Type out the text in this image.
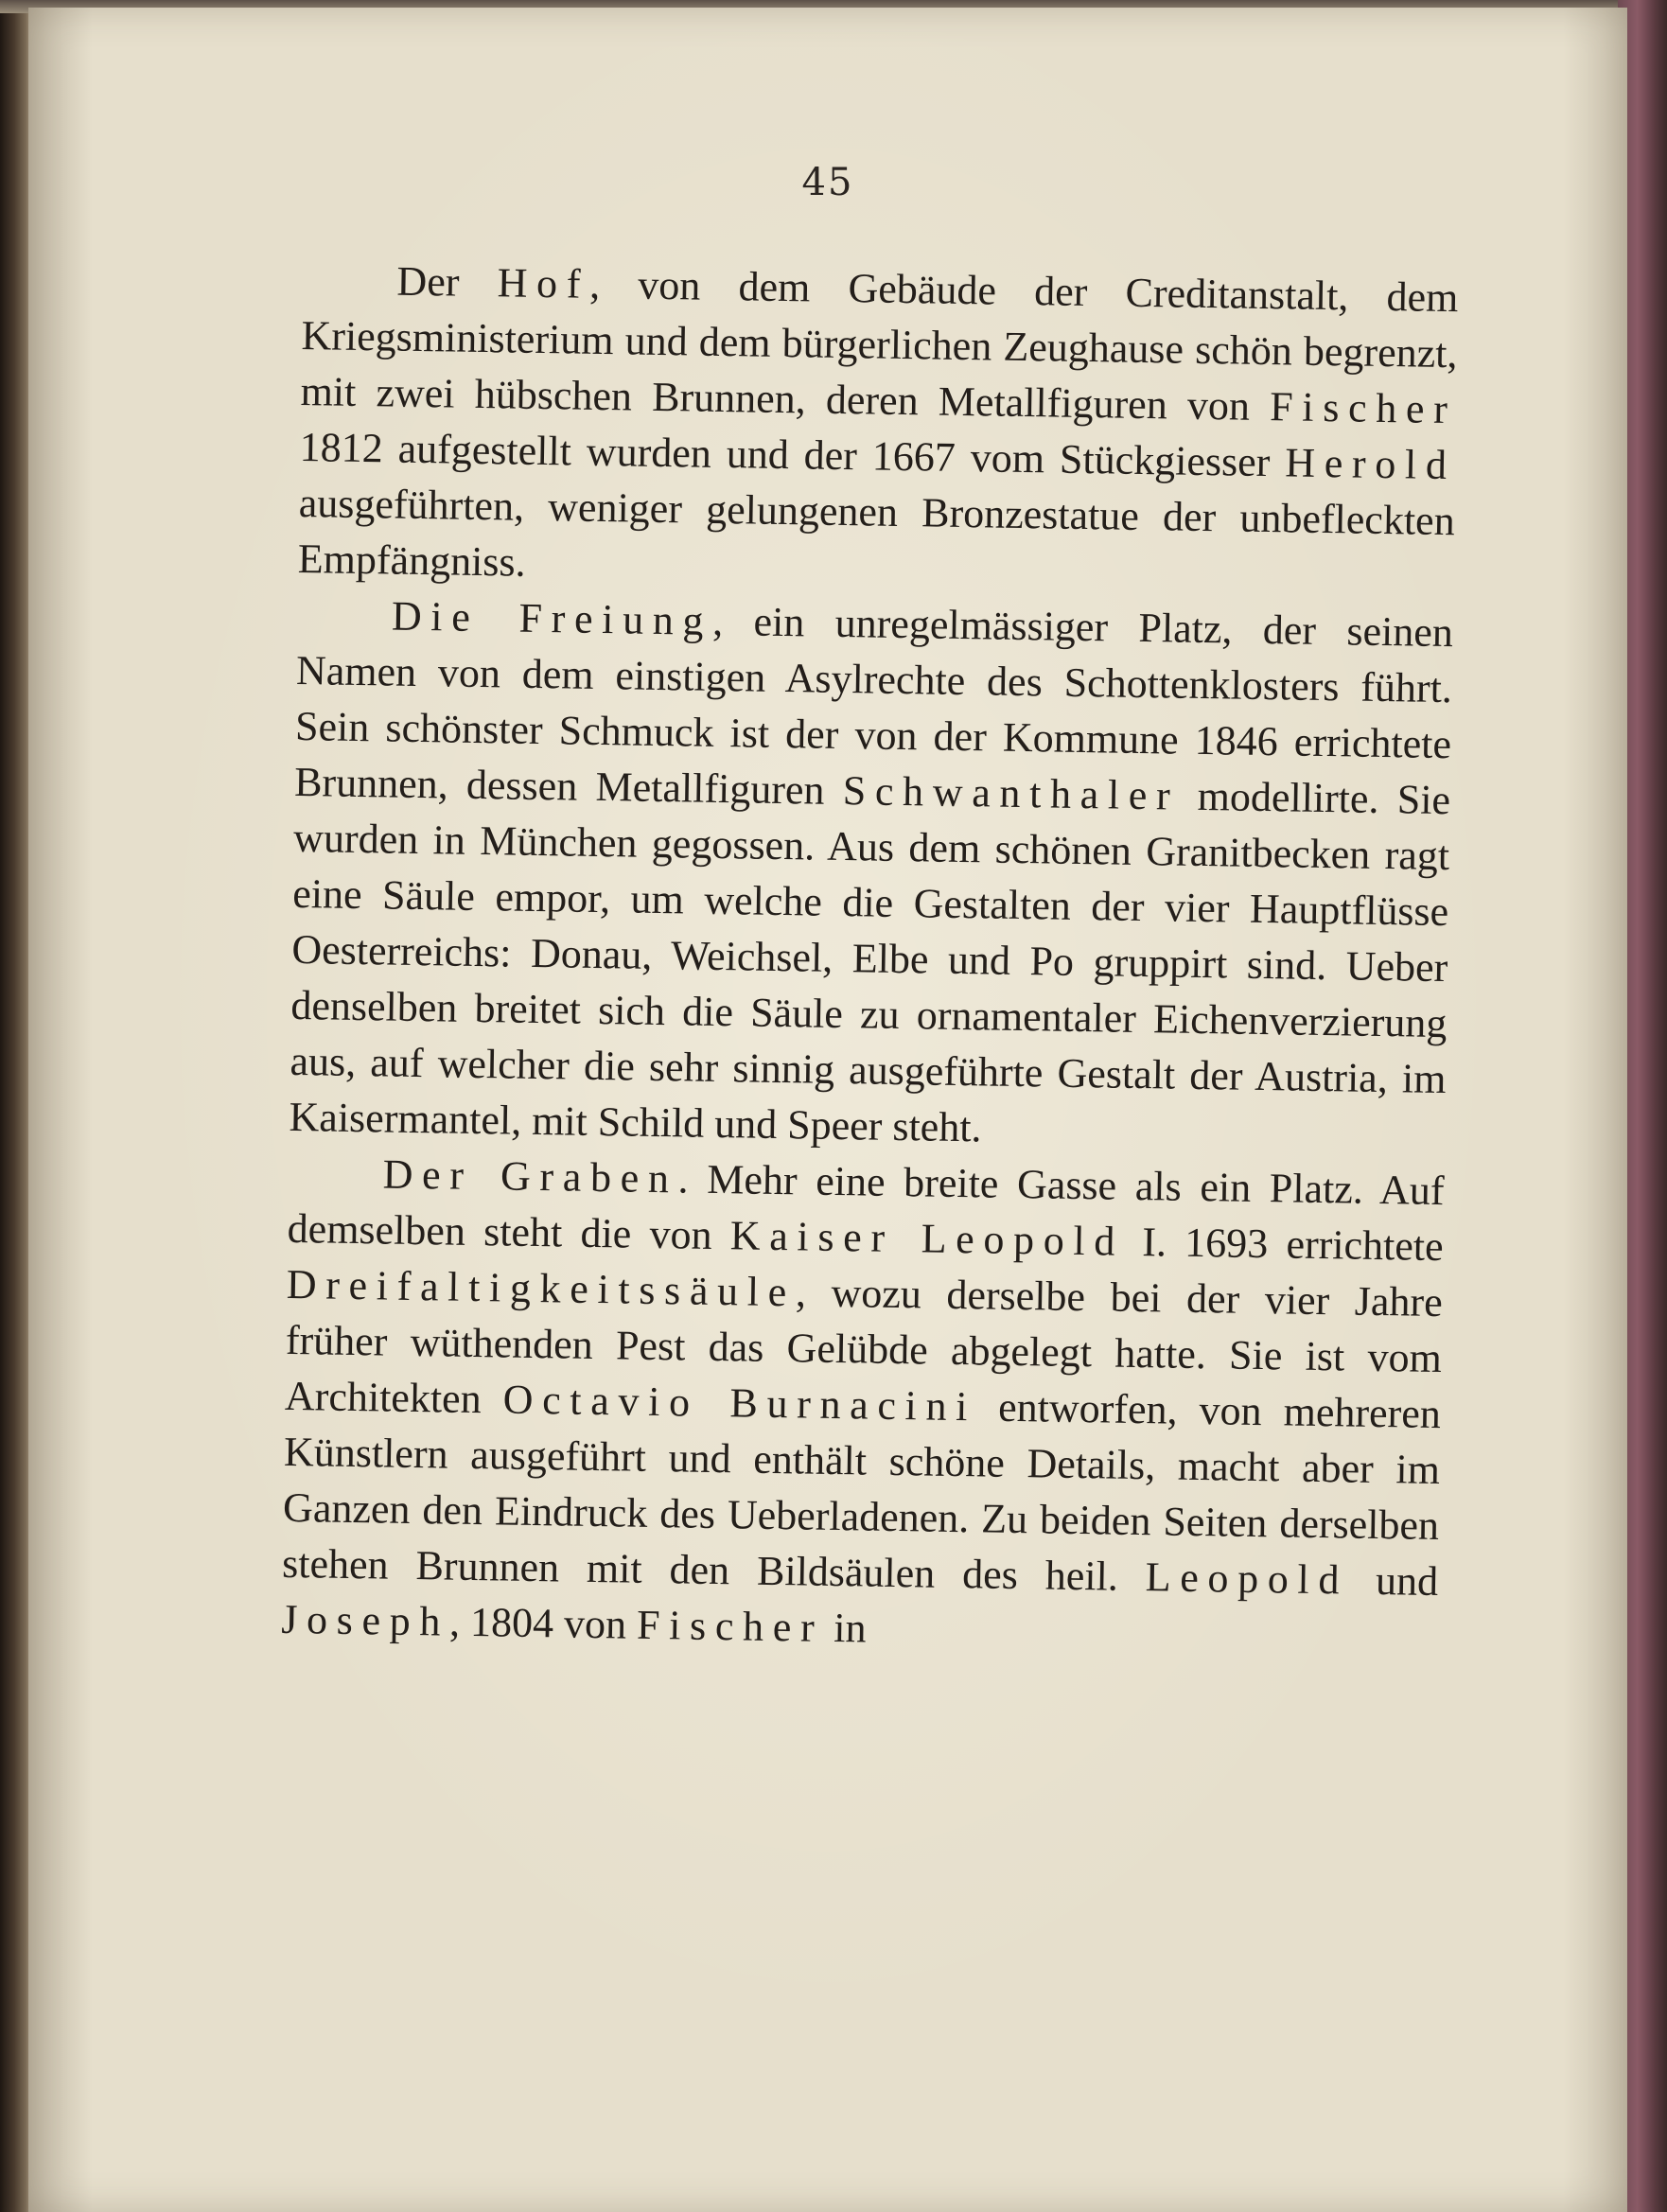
45

Der Hof, von dem Gebäude der Creditanstalt, dem Kriegsministerium und dem bürgerlichen Zeughause schön begrenzt, mit zwei hübschen Brunnen, deren Metallfiguren von Fischer 1812 aufgestellt wurden und der 1667 vom Stückgiesser Herold ausgeführten, weniger gelungenen Bronzestatue der unbefleckten Empfängniss.

Die Freiung, ein unregelmässiger Platz, der seinen Namen von dem einstigen Asylrechte des Schottenklosters führt. Sein schönster Schmuck ist der von der Kommune 1846 errichtete Brunnen, dessen Metallfiguren Schwanthaler modellirte. Sie wurden in München gegossen. Aus dem schönen Granitbecken ragt eine Säule empor, um welche die Gestalten der vier Hauptflüsse Oesterreichs: Donau, Weichsel, Elbe und Po gruppirt sind. Ueber denselben breitet sich die Säule zu ornamentaler Eichenverzierung aus, auf welcher die sehr sinnig ausgeführte Gestalt der Austria, im Kaisermantel, mit Schild und Speer steht.

Der Graben. Mehr eine breite Gasse als ein Platz. Auf demselben steht die von Kaiser Leopold I. 1693 errichtete Dreifaltigkeitssäule, wozu derselbe bei der vier Jahre früher wüthenden Pest das Gelübde abgelegt hatte. Sie ist vom Architekten Octavio Burnacini entworfen, von mehreren Künstlern ausgeführt und enthält schöne Details, macht aber im Ganzen den Eindruck des Ueberladenen. Zu beiden Seiten derselben stehen Brunnen mit den Bildsäulen des heil. Leopold und Joseph, 1804 von Fischer in
